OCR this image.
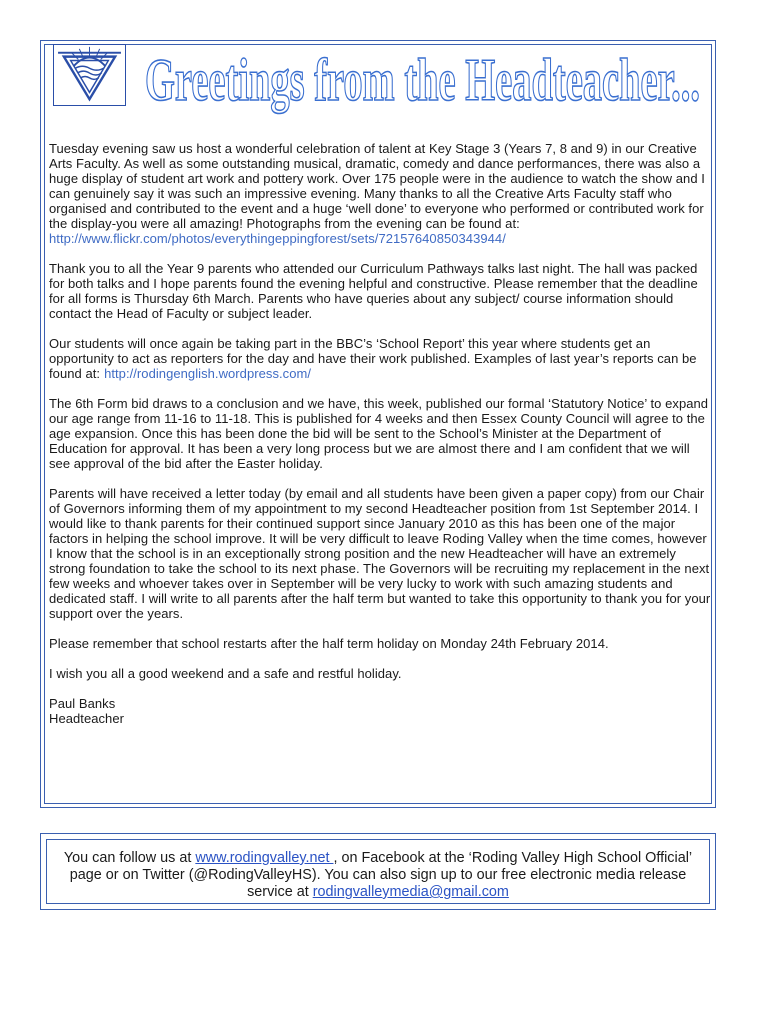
Greetings from the Headteacher...

Tuesday evening saw us host a wonderful celebration of talent at Key Stage 3 (Years 7, 8 and 9) in our Creative Arts Faculty. As well as some outstanding musical, dramatic, comedy and dance performances, there was also a huge display of student art work and pottery work. Over 175 people were in the audience to watch the show and I can genuinely say it was such an impressive evening. Many thanks to all the Creative Arts Faculty staff who organised and contributed to the event and a huge ‘well done’ to everyone who performed or contributed work for the display-you were all amazing! Photographs from the evening can be found at:
http://www.flickr.com/photos/everythingeppingforest/sets/72157640850343944/

Thank you to all the Year 9 parents who attended our Curriculum Pathways talks last night. The hall was packed for both talks and I hope parents found the evening helpful and constructive. Please remember that the deadline for all forms is Thursday 6th March. Parents who have queries about any subject/ course information should contact the Head of Faculty or subject leader.

Our students will once again be taking part in the BBC’s ‘School Report’ this year where students get an opportunity to act as reporters for the day and have their work published. Examples of last year’s reports can be found at: http://rodingenglish.wordpress.com/

The 6th Form bid draws to a conclusion and we have, this week, published our formal ‘Statutory Notice’ to expand our age range from 11-16 to 11-18. This is published for 4 weeks and then Essex County Council will agree to the age expansion. Once this has been done the bid will be sent to the School’s Minister at the Department of Education for approval. It has been a very long process but we are almost there and I am confident that we will see approval of the bid after the Easter holiday.

Parents will have received a letter today (by email and all students have been given a paper copy) from our Chair of Governors informing them of my appointment to my second Headteacher position from 1st September 2014. I would like to thank parents for their continued support since January 2010 as this has been one of the major factors in helping the school improve. It will be very difficult to leave Roding Valley when the time comes, however I know that the school is in an exceptionally strong position and the new Headteacher will have an extremely strong foundation to take the school to its next phase. The Governors will be recruiting my replacement in the next few weeks and whoever takes over in September will be very lucky to work with such amazing students and dedicated staff. I will write to all parents after the half term but wanted to take this opportunity to thank you for your support over the years.

Please remember that school restarts after the half term holiday on Monday 24th February 2014.

I wish you all a good weekend and a safe and restful holiday.

Paul Banks

Headteacher

You can follow us at www.rodingvalley.net , on Facebook at the ‘Roding Valley High School Official’ page or on Twitter (@RodingValleyHS). You can also sign up to our free electronic media release service at rodingvalleymedia@gmail.com
